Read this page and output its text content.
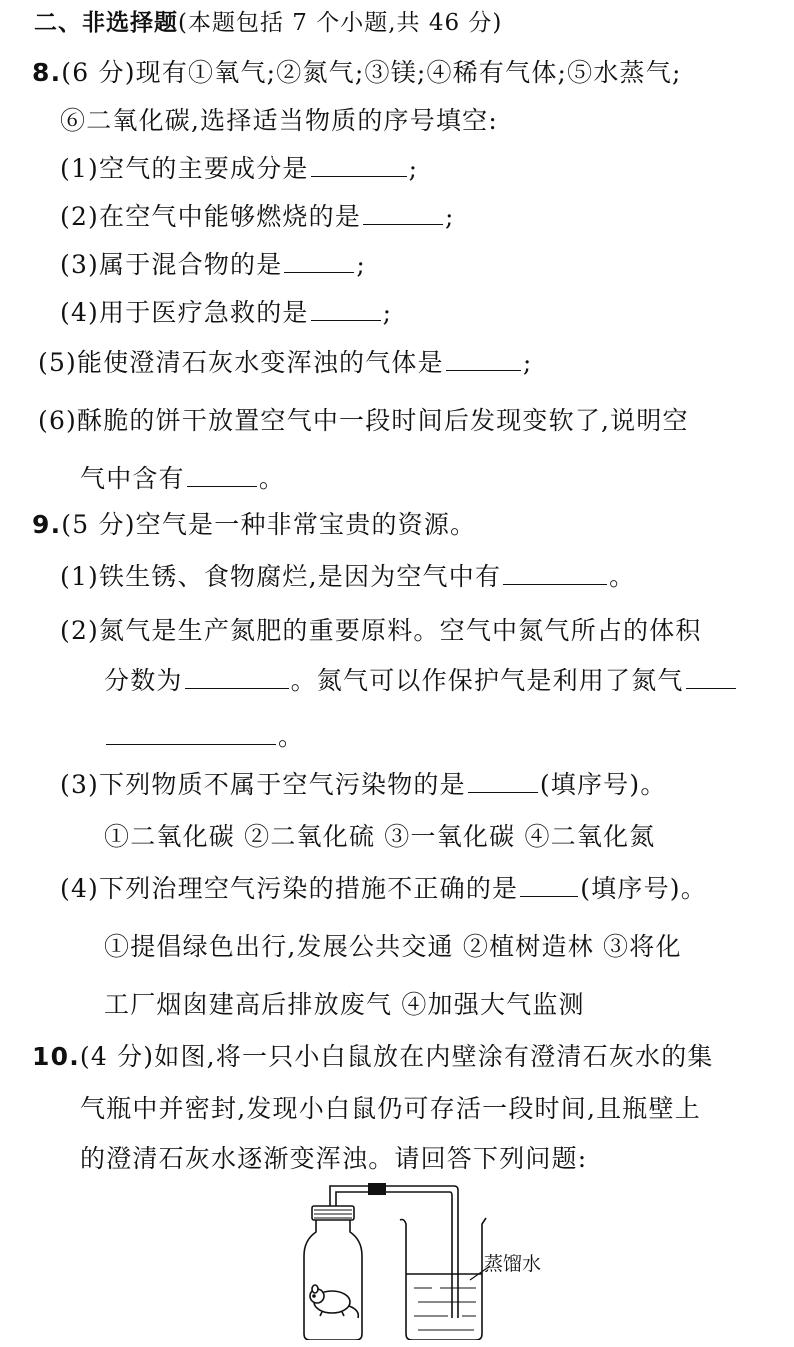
二、非选择题(本题包括 7 个小题,共 46 分)
8.(6 分)现有①氧气;②氮气;③镁;④稀有气体;⑤水蒸气;
⑥二氧化碳,选择适当物质的序号填空:
(1)空气的主要成分是	;
(2)在空气中能够燃烧的是	;
(3)属于混合物的是	;
(4)用于医疗急救的是	;
(5)能使澄清石灰水变浑浊的气体是	;
(6)酥脆的饼干放置空气中一段时间后发现变软了,说明空
气中含有	。
9.(5 分)空气是一种非常宝贵的资源。
(1)铁生锈、食物腐烂,是因为空气中有	。
(2)氮气是生产氮肥的重要原料。空气中氮气所占的体积
分数为	。氮气可以作保护气是利用了氮气
。
(3)下列物质不属于空气污染物的是	(填序号)。
①二氧化碳 ②二氧化硫 ③一氧化碳 ④二氧化氮
(4)下列治理空气污染的措施不正确的是 (填序号)。
①提倡绿色出行,发展公共交通 ②植树造林 ③将化
工厂烟囱建高后排放废气 ④加强大气监测
10.(4 分)如图,将一只小白鼠放在内壁涂有澄清石灰水的集
气瓶中并密封,发现小白鼠仍可存活一段时间,且瓶壁上
的澄清石灰水逐渐变浑浊。请回答下列问题:
蒸馏水
